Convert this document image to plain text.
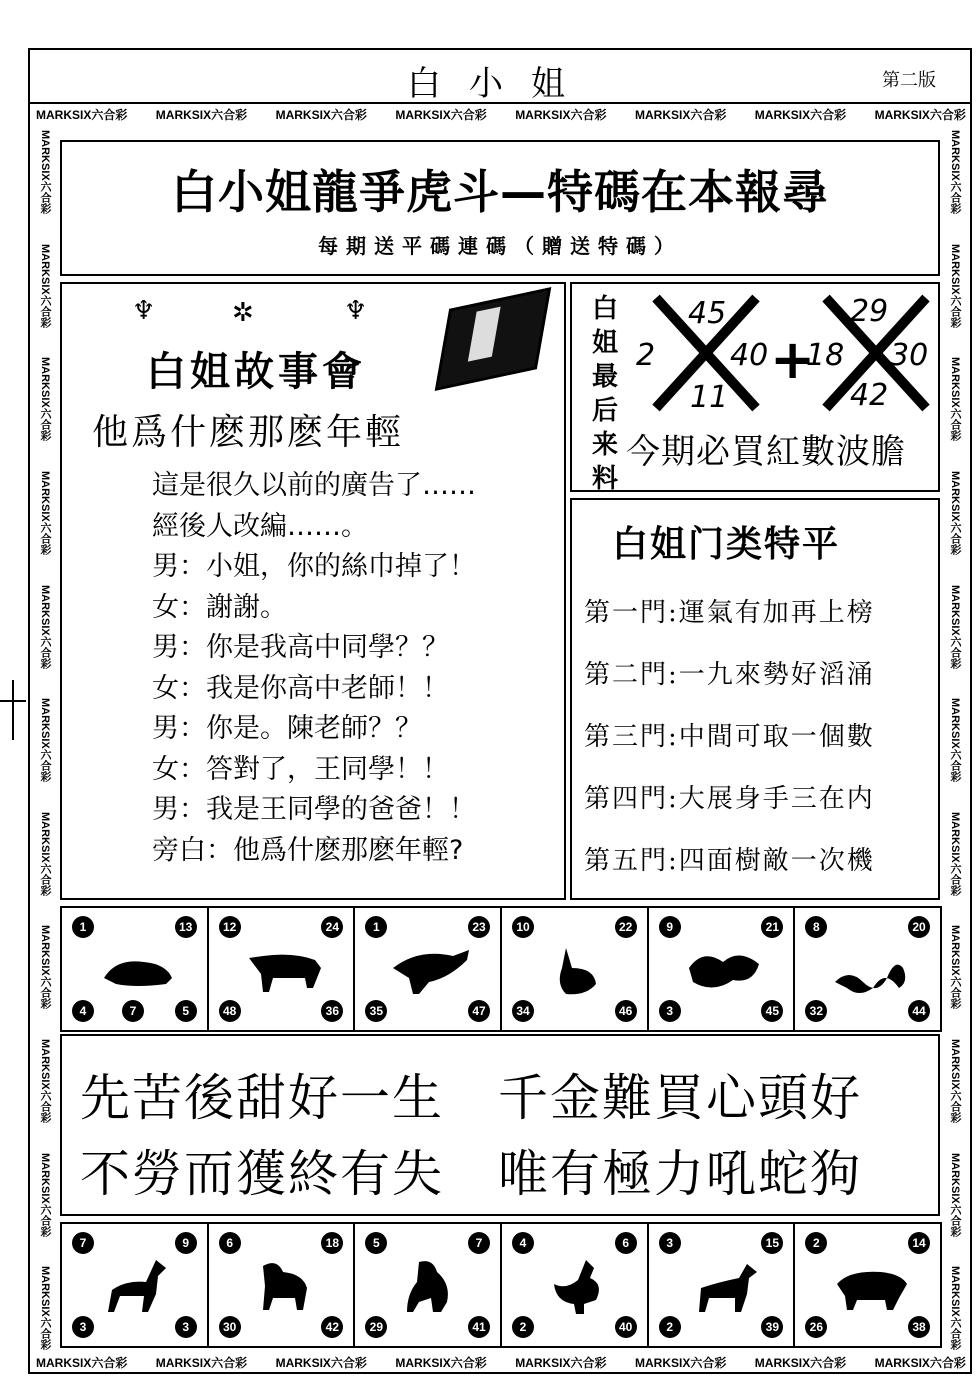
白小姐	第二版
MARKSIX六合彩 MARKSIX六合彩 MARKSIX六合彩 MARKSIX六合彩 MARKSIX六合彩 MARKSIX六合彩 MARKSIX六合彩 MARKSIX六合彩
MARKSIX六合彩 MARKSIX六合彩 MARKSIX六合彩 MARKSIX六合彩 MARKSIX六合彩 MARKSIX六合彩 MARKSIX六合彩 MARKSIX六合彩
MARKSIX六合彩
MARKSIX六合彩
MARKSIX六合彩
MARKSIX六合彩
MARKSIX六合彩
MARKSIX六合彩
MARKSIX六合彩
MARKSIX六合彩
MARKSIX六合彩
MARKSIX六合彩
MARKSIX六合彩
MARKSIX六合彩
MARKSIX六合彩
MARKSIX六合彩
MARKSIX六合彩
MARKSIX六合彩
MARKSIX六合彩
MARKSIX六合彩
MARKSIX六合彩
MARKSIX六合彩
MARKSIX六合彩
MARKSIX六合彩
白小姐龍爭虎斗—特碼在本報尋
每期送平碼連碼（贈送特碼）
♆	✲	♆
白姐故事會
他爲什麽那麽年輕
這是很久以前的廣告了……
經後人改編……。
男：小姐，你的絲巾掉了！
女：謝謝。
男：你是我高中同學？？
女：我是你高中老師！！
男：你是。陳老師？？
女：答對了，王同學！！
男：我是王同學的爸爸！！
旁白：他爲什麽那麽年輕?
白
姐
最
后
来
料
45
2 40
11
+
29
18 30
42
今期必買紅數波膽
白姐门类特平
第一門:運氣有加再上榜
第二門:一九來勢好滔涌
第三門:中間可取一個數
第四門:大展身手三在内
第五門:四面樹敵一次機
1	13
4	5
7
12	24
48	36
1	23
35	47
10	22
34	46
9	21
3	45
8	20
32	44
先苦後甜好一生 千金難買心頭好
不勞而獲終有失 唯有極力吼蛇狗
7	9
3	3
6	18
30	42
5	7
29	41
4	6
2	40
3	15
2	39
2	14
26	38
